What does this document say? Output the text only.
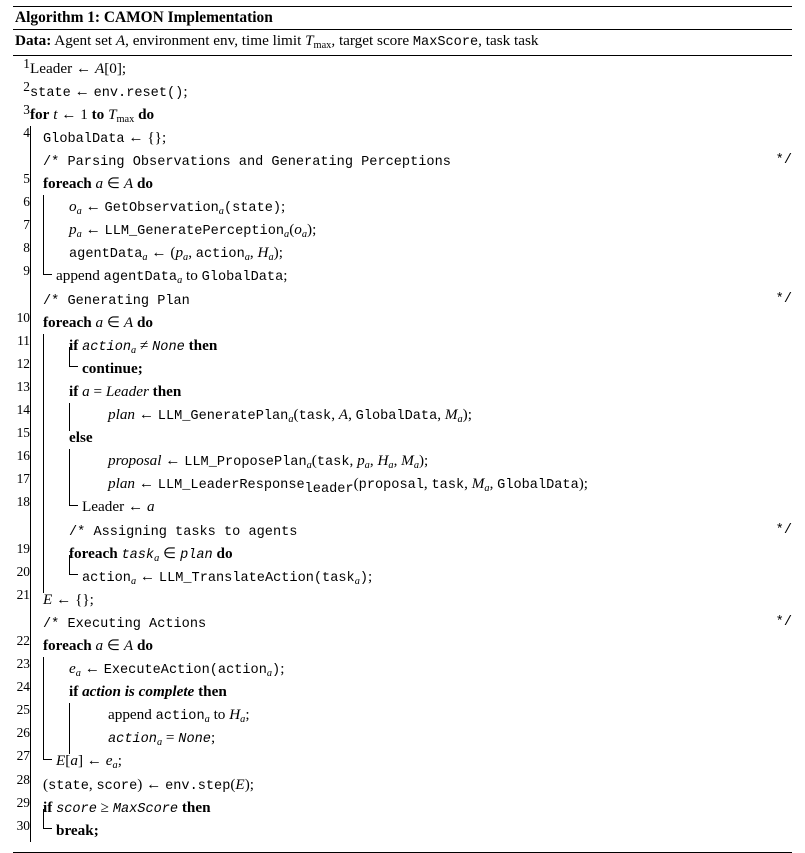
Algorithm 1: CAMON Implementation
Data: Agent set A, environment env, time limit $T_{max}$, target score MaxScore, task task
1	Leader ← A[0];

2	state ← env.reset();

3	for t ← 1 to $T_{max}$ do

4	GlobalData ← {};

/* Parsing Observations and Generating Perceptions */

5	foreach a ∈ A do

6	$o_a$ ← GetObservation$_a$(state);

7	$p_a$ ← $LLM\_GeneratePerception_a(o_a)$;

8	agentData$_a$ ← ($p_a$, action$_a$, $H_a$);

9	append agentData$_a$ to GlobalData;

/* Generating Plan */

10	foreach a ∈ A do

11	if action$_a$ ≠ None then

12	continue;

13	if a = Leader then

14	plan ← LLM_GeneratePlan$_a$(task, A, GlobalData, $M_a$);

15	else

16	proposal ← LLM_ProposePlan$_a$(task, $p_a$, $H_a$, $M_a$);

17	plan ← LLM_LeaderResponse$_{leader}$(proposal, task, $M_a$, GlobalData);

18	Leader ← a

/* Assigning tasks to agents */

19	foreach task$_a$ ∈ plan do

20	action$_a$ ← LLM_TranslateAction(task$_a$);

21	E ← {};

/* Executing Actions */

22	foreach a ∈ A do

23	$e_a$ ← ExecuteAction(action$_a$);

24	if action is complete then

25	append action$_a$ to $H_a$;

26	action$_a$ = None;

27	E[a] ← $e_a$;

28	(state, score) ← env.step(E);

29	if score ≥ MaxScore then

30	break;
